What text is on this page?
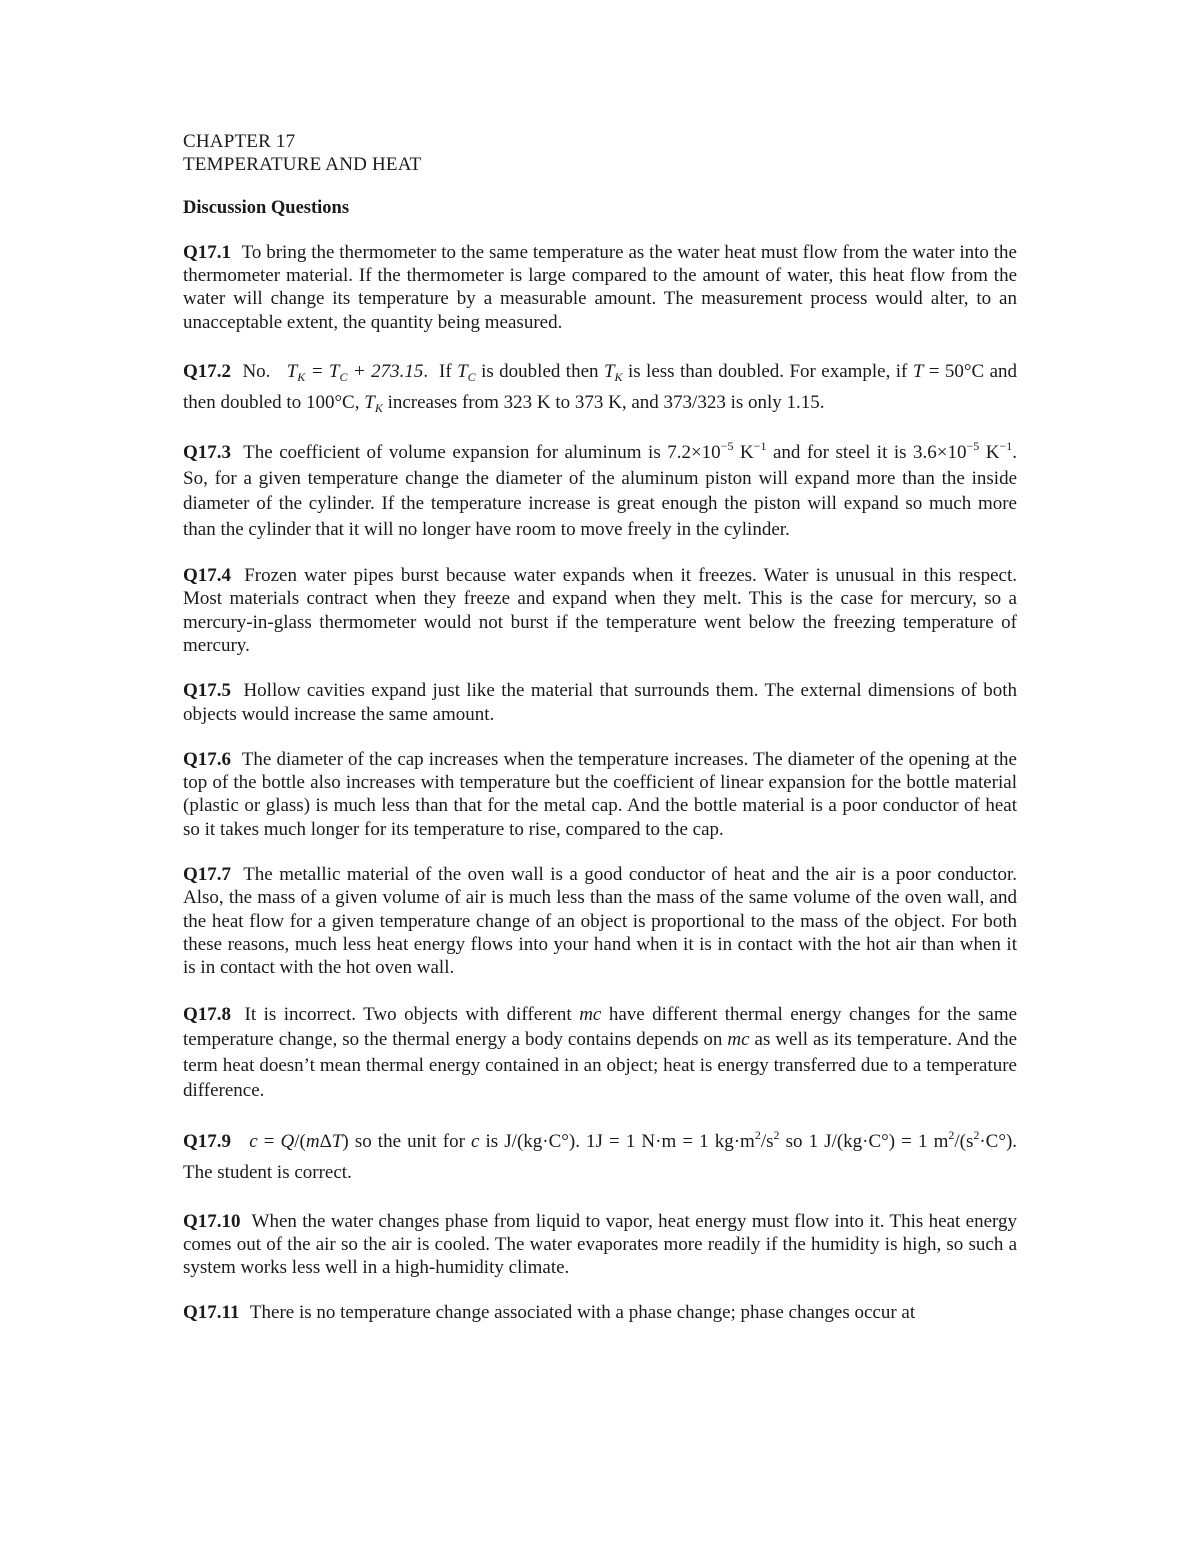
CHAPTER 17

TEMPERATURE AND HEAT

Discussion Questions

Q17.1 To bring the thermometer to the same temperature as the water heat must flow from the water into the thermometer material. If the thermometer is large compared to the amount of water, this heat flow from the water will change its temperature by a measurable amount. The measurement process would alter, to an unacceptable extent, the quantity being measured.

Q17.2 No. $T_K = T_C + 273.15$.  If $T_C$ is doubled then $T_K$ is less than doubled. For example, if T = 50°C and then doubled to 100°C, $T_K$ increases from 323 K to 373 K, and 373/323 is only 1.15.

Q17.3 The coefficient of volume expansion for aluminum is $7.2\times 10^{-5}$ $K^{-1}$ and for steel it is $3.6\times 10^{-5}$ $K^{-1}$. So, for a given temperature change the diameter of the aluminum piston will expand more than the inside diameter of the cylinder. If the temperature increase is great enough the piston will expand so much more than the cylinder that it will no longer have room to move freely in the cylinder.

Q17.4 Frozen water pipes burst because water expands when it freezes. Water is unusual in this respect. Most materials contract when they freeze and expand when they melt. This is the case for mercury, so a mercury-in-glass thermometer would not burst if the temperature went below the freezing temperature of mercury.

Q17.5 Hollow cavities expand just like the material that surrounds them. The external dimensions of both objects would increase the same amount.

Q17.6 The diameter of the cap increases when the temperature increases. The diameter of the opening at the top of the bottle also increases with temperature but the coefficient of linear expansion for the bottle material (plastic or glass) is much less than that for the metal cap. And the bottle material is a poor conductor of heat so it takes much longer for its temperature to rise, compared to the cap.

Q17.7 The metallic material of the oven wall is a good conductor of heat and the air is a poor conductor. Also, the mass of a given volume of air is much less than the mass of the same volume of the oven wall, and the heat flow for a given temperature change of an object is proportional to the mass of the object. For both these reasons, much less heat energy flows into your hand when it is in contact with the hot air than when it is in contact with the hot oven wall.

Q17.8 It is incorrect. Two objects with different mc have different thermal energy changes for the same temperature change, so the thermal energy a body contains depends on mc as well as its temperature. And the term heat doesn’t mean thermal energy contained in an object; heat is energy transferred due to a temperature difference.

Q17.9 c = Q/(mΔT) so the unit for c is J/(kg·C°). 1J = 1 N·m = 1 $kg\cdot m^2/s^2$ so 1 J/(kg·C°) = 1 $m^2/(s^2\cdot C^\circ)$. The student is correct.

Q17.10 When the water changes phase from liquid to vapor, heat energy must flow into it. This heat energy comes out of the air so the air is cooled. The water evaporates more readily if the humidity is high, so such a system works less well in a high-humidity climate.

Q17.11 There is no temperature change associated with a phase change; phase changes occur at
